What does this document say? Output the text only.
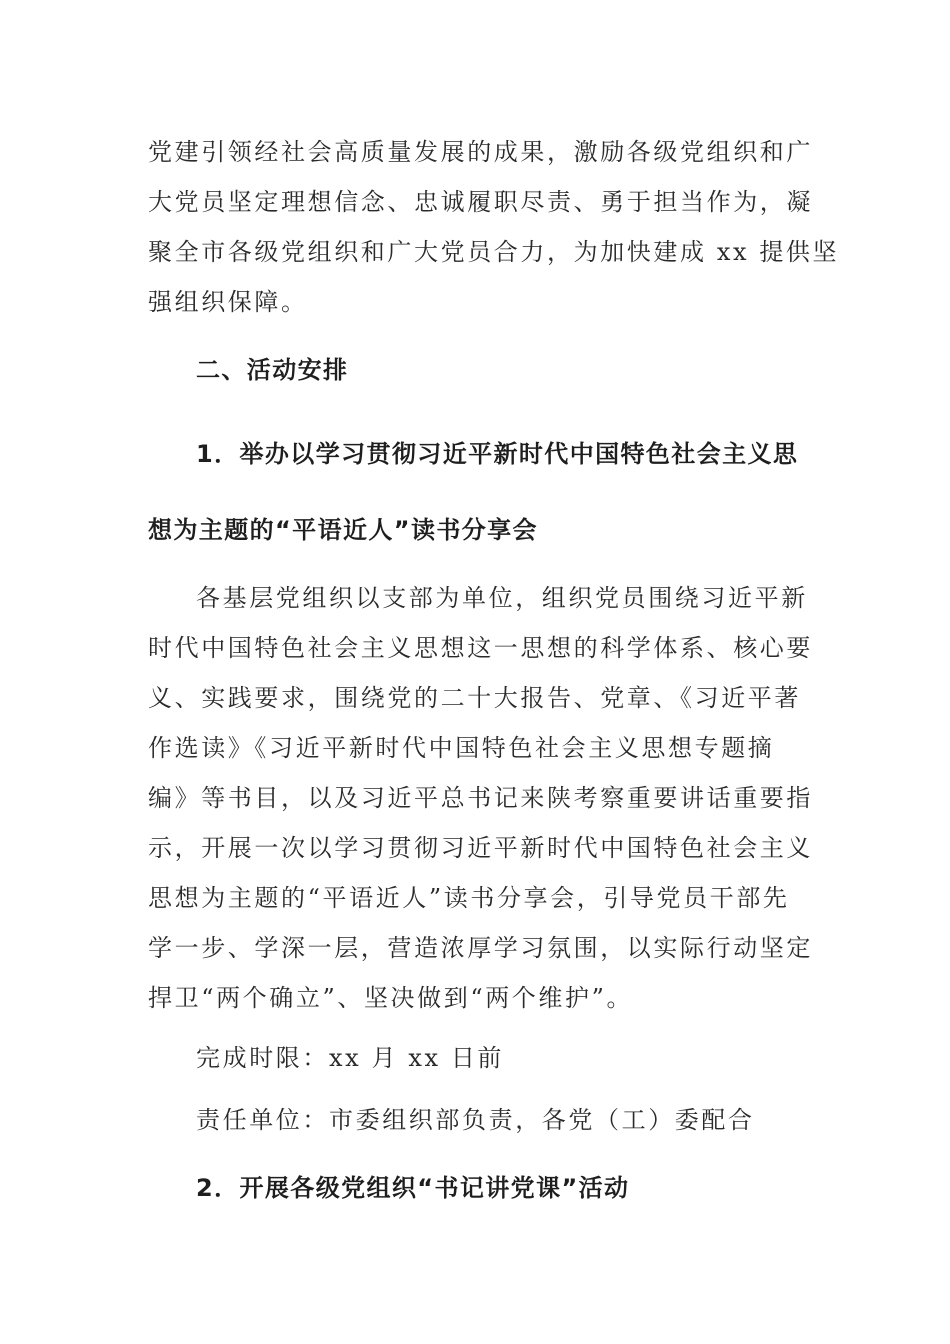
党建引领经社会高质量发展的成果，激励各级党组织和广
大党员坚定理想信念、忠诚履职尽责、勇于担当作为，凝
聚全市各级党组织和广大党员合力，为加快建成 xx 提供坚
强组织保障。
二、活动安排
1．举办以学习贯彻习近平新时代中国特色社会主义思
想为主题的“平语近人”读书分享会
各基层党组织以支部为单位，组织党员围绕习近平新
时代中国特色社会主义思想这一思想的科学体系、核心要
义、实践要求，围绕党的二十大报告、党章、《习近平著
作选读》《习近平新时代中国特色社会主义思想专题摘
编》等书目，以及习近平总书记来陕考察重要讲话重要指
示，开展一次以学习贯彻习近平新时代中国特色社会主义
思想为主题的“平语近人”读书分享会，引导党员干部先
学一步、学深一层，营造浓厚学习氛围，以实际行动坚定
捍卫“两个确立”、坚决做到“两个维护”。
完成时限：xx 月 xx 日前
责任单位：市委组织部负责，各党（工）委配合
2．开展各级党组织“书记讲党课”活动
